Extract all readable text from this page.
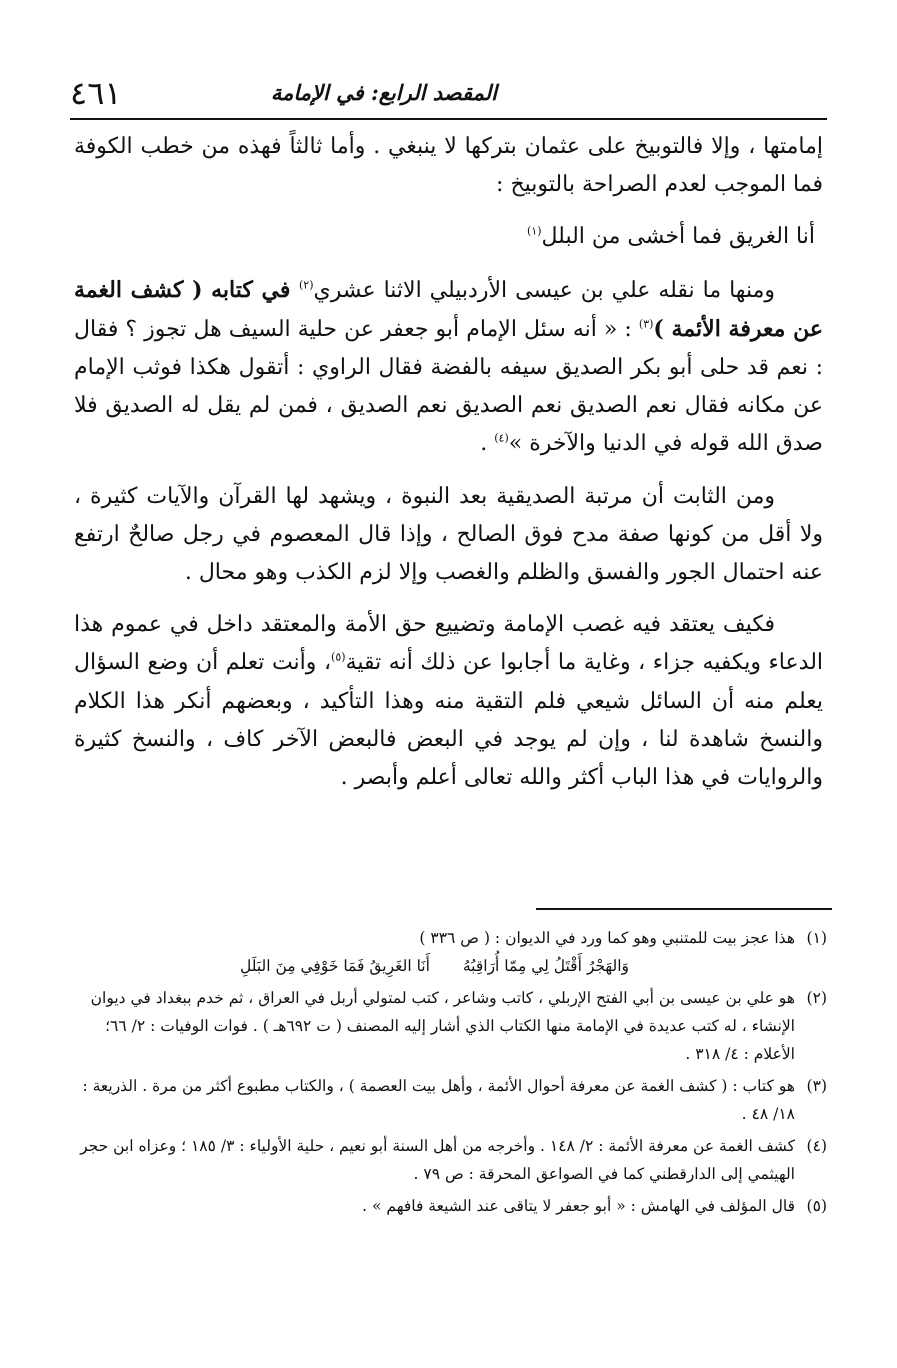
المقصد الرابع: في الإمامة
٤٦١

إمامتها ، وإلا فالتوبيخ على عثمان بتركها لا ينبغي . وأما ثالثاً فهذه من خطب الكوفة فما الموجب لعدم الصراحة بالتوبيخ :

أنا الغريق فما أخشى من البلل$^{(١)}$

ومنها ما نقله علي بن عيسى الأردبيلي الاثنا عشري$^{(٢)}$ في كتابه ( كشف الغمة عن معرفة الأئمة )$^{(٣)}$ : « أنه سئل الإمام أبو جعفر عن حلية السيف هل تجوز ؟ فقال : نعم قد حلى أبو بكر الصديق سيفه بالفضة فقال الراوي : أتقول هكذا فوثب الإمام عن مكانه فقال نعم الصديق نعم الصديق نعم الصديق ، فمن لم يقل له الصديق فلا صدق الله قوله في الدنيا والآخرة »$^{(٤)}$ .

ومن الثابت أن مرتبة الصديقية بعد النبوة ، ويشهد لها القرآن والآيات كثيرة ، ولا أقل من كونها صفة مدح فوق الصالح ، وإذا قال المعصوم في رجل صالحٌ ارتفع عنه احتمال الجور والفسق والظلم والغصب وإلا لزم الكذب وهو محال .

فكيف يعتقد فيه غصب الإمامة وتضييع حق الأمة والمعتقد داخل في عموم هذا الدعاء ويكفيه جزاء ، وغاية ما أجابوا عن ذلك أنه تقية$^{(٥)}$، وأنت تعلم أن وضع السؤال يعلم منه أن السائل شيعي فلم التقية منه وهذا التأكيد ، وبعضهم أنكر هذا الكلام والنسخ شاهدة لنا ، وإن لم يوجد في البعض فالبعض الآخر كاف ، والنسخ كثيرة والروايات في هذا الباب أكثر والله تعالى أعلم وأبصر .

(١)
هذا عجز بيت للمتنبي وهو كما ورد في الديوان : ( ص ٣٣٦ )
وَالهَجْرُ أَقْتَلُ لِي مِمّا أُرَاقِبُهُ أَنَا الغَرِيقُ فَمَا خَوْفِي مِنَ البَلَلِ
(٢)
هو علي بن عيسى بن أبي الفتح الإربلي ، كاتب وشاعر ، كتب لمتولي أربل في العراق ، ثم خدم ببغداد في ديوان الإنشاء ، له كتب عديدة في الإمامة منها الكتاب الذي أشار إليه المصنف ( ت ٦٩٢هـ ) . فوات الوفيات : ٢/ ٦٦؛ الأعلام : ٤/ ٣١٨ .
(٣)
هو كتاب : ( كشف الغمة عن معرفة أحوال الأئمة ، وأهل بيت العصمة ) ، والكتاب مطبوع أكثر من مرة . الذريعة : ١٨/ ٤٨ .
(٤)
كشف الغمة عن معرفة الأئمة : ٢/ ١٤٨ . وأخرجه من أهل السنة أبو نعيم ، حلية الأولياء : ٣/ ١٨٥ ؛ وعزاه ابن حجر الهيثمي إلى الدارقطني كما في الصواعق المحرقة : ص ٧٩ .
(٥)
قال المؤلف في الهامش : « أبو جعفر لا يتاقى عند الشيعة فافهم » .
